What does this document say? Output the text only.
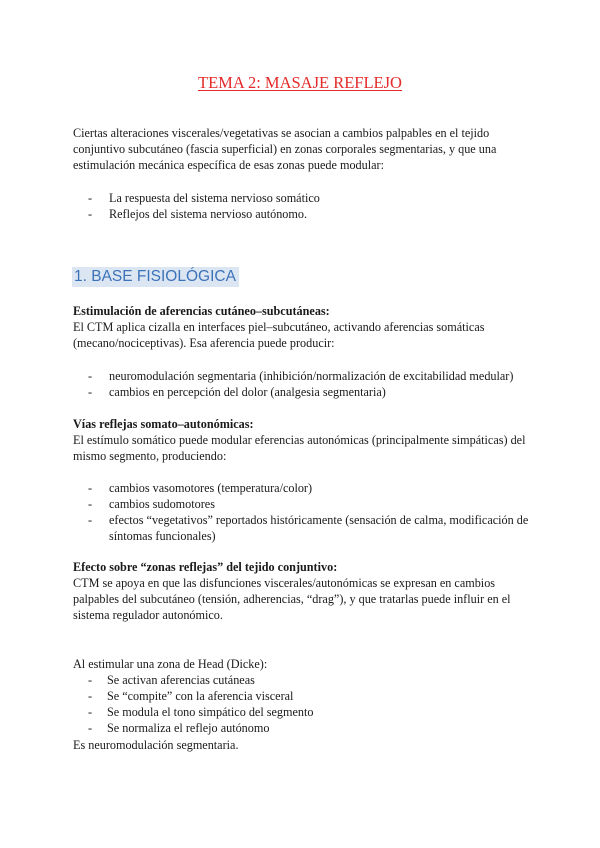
TEMA 2: MASAJE REFLEJO
Ciertas alteraciones viscerales/vegetativas se asocian a cambios palpables en el tejido
conjuntivo subcutáneo (fascia superficial) en zonas corporales segmentarias, y que una
estimulación mecánica específica de esas zonas puede modular:
- La respuesta del sistema nervioso somático
- Reflejos del sistema nervioso autónomo.
1. BASE FISIOLÓGICA
Estimulación de aferencias cutáneo–subcutáneas:
El CTM aplica cizalla en interfaces piel–subcutáneo, activando aferencias somáticas
(mecano/nociceptivas). Esa aferencia puede producir:
- neuromodulación segmentaria (inhibición/normalización de excitabilidad medular)
- cambios en percepción del dolor (analgesia segmentaria)
Vías reflejas somato–autonómicas:
El estímulo somático puede modular eferencias autonómicas (principalmente simpáticas) del
mismo segmento, produciendo:
- cambios vasomotores (temperatura/color)
- cambios sudomotores
- efectos “vegetativos” reportados históricamente (sensación de calma, modificación de
síntomas funcionales)
Efecto sobre “zonas reflejas” del tejido conjuntivo:
CTM se apoya en que las disfunciones viscerales/autonómicas se expresan en cambios
palpables del subcutáneo (tensión, adherencias, “drag”), y que tratarlas puede influir en el
sistema regulador autonómico.
Al estimular una zona de Head (Dicke):
- Se activan aferencias cutáneas
- Se “compite” con la aferencia visceral
- Se modula el tono simpático del segmento
- Se normaliza el reflejo autónomo
Es neuromodulación segmentaria.
